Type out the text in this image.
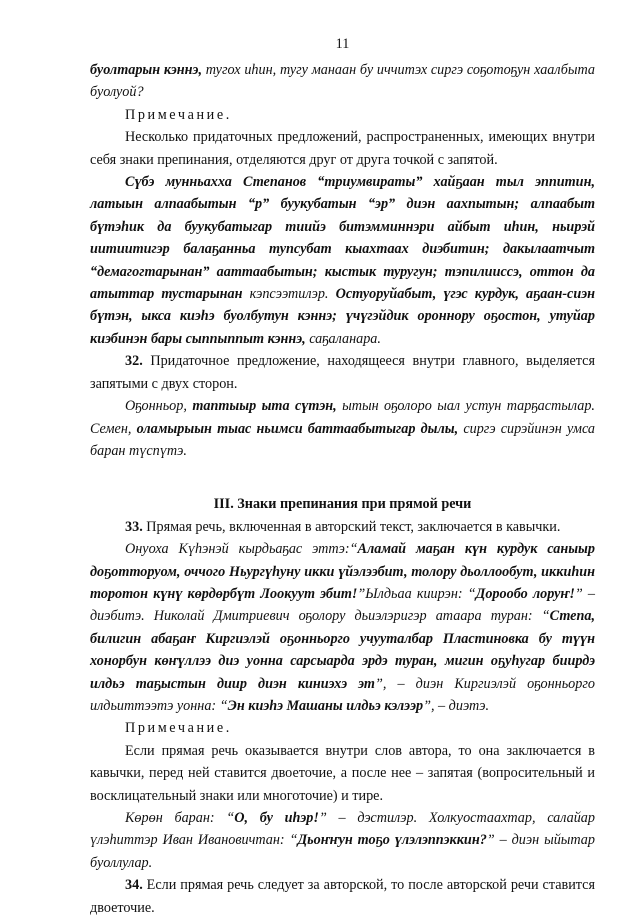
11

буолтарын кэннэ, тугох иһин, тугу манаан бу иччитэх сиргэ соҕотоҕун хаалбыта буолуой?

Примечание.

Несколько придаточных предложений, распространенных, имеющих внутри себя знаки препинания, отделяются друг от друга точкой с запятой.

Сүбэ мунньахха Степанов “триумвираты” хайҕаан тыл эппитин, латыын алпаабытын “р” буукубатын “эр” диэн аахпытын; алпаабыт бүтэһик да буукубатыгар тиийэ битэмминнэри айбыт иһин, ньирэй иитиитигэр балаҕанньа тупсубат кыахтаах диэбитин; дакылаатчыт “демагогтарынан” ааттаабытын; кыстык туругун; тэпилииссэ, оттон да атыттар тустарынан кэпсээтилэр. Остуоруйабыт, үгэс курдук, аҕаан-сиэн бүтэн, ыкса киэһэ буолбутун кэннэ; үчүгэйдик ороннору оҕостон, утуйар киэбинэн бары сыппыппыт кэннэ, саҕаланара.

32. Придаточное предложение, находящееся внутри главного, выделяется запятыми с двух сторон.

Оҕонньор, таптыыр ыта сүтэн, ытын оҕолоро ыал устун тарҕастылар. Семен, оламырыын тыас ньимси баттаабытыгар дылы, сиргэ сирэйинэн умса баран түспүтэ.

III. Знаки препинания при прямой речи

33. Прямая речь, включенная в авторский текст, заключается в кавычки.

Онуоха Күһэнэй кырдьаҕас эттэ:“Аламай маҕан күн курдук саныыр доҕотторуом, оччого Ньургүһуну икки үйэлээбит, толору дьоллообут, иккиһин торотон күнү көрдөрбүт Лоокуут эбит!”Ылдьаа киирэн: “Дорообо лоруҥ!” – диэбитэ. Николай Дмитриевич оҕолору дьиэлэригэр атаара туран: “Степа, билигин абаҕаҥ Киргиэлэй оҕонньорго учууталбар Пластиновка бу түүн хонорбун көҥүллээ диэ уонна сарсыарда эрдэ туран, мигин оҕуһугар биирдэ илдьэ таҕыстын диир диэн киниэхэ эт”, – диэн Киргиэлэй оҕонньорго илдьиттээтэ уонна: “Эн киэһэ Машаны илдьэ кэлээр”, – диэтэ.

Примечание.

Если прямая речь оказывается внутри слов автора, то она заключается в кавычки, перед ней ставится двоеточие, а после нее – запятая (вопросительный и восклицательный знаки или многоточие) и тире.

Көрөн баран: “О, бу иһэр!” – дэстилэр. Холкуостаахтар, салайар үлэһиттэр Иван Ивановичтан: “Дьоҥҥун тоҕо үлэлэппэккин?” – диэн ыйытар буоллулар.

34. Если прямая речь следует за авторской, то после авторской речи ставится двоеточие.
